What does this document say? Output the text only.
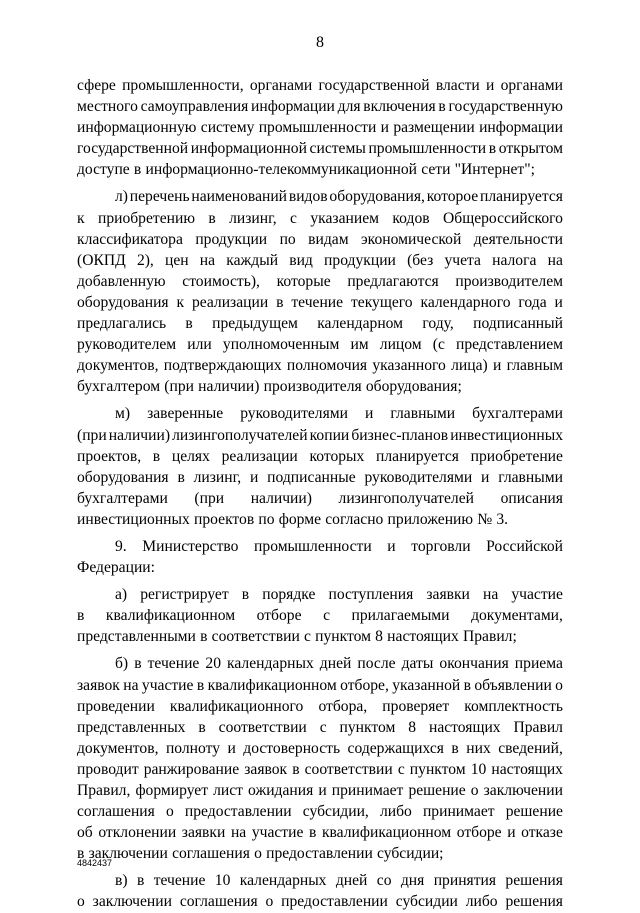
8
сфере промышленности, органами государственной власти и органами
местного самоуправления информации для включения в государственную
информационную систему промышленности и размещении информации
государственной информационной системы промышленности в открытом
доступе в информационно-телекоммуникационной сети "Интернет";
л) перечень наименований видов оборудования, которое планируется
к приобретению в лизинг, с указанием кодов Общероссийского
классификатора продукции по видам экономической деятельности
(ОКПД 2), цен на каждый вид продукции (без учета налога на
добавленную стоимость), которые предлагаются производителем
оборудования к реализации в течение текущего календарного года и
предлагались в предыдущем календарном году, подписанный
руководителем или уполномоченным им лицом (с представлением
документов, подтверждающих полномочия указанного лица) и главным
бухгалтером (при наличии) производителя оборудования;
м) заверенные руководителями и главными бухгалтерами
(при наличии) лизингополучателей копии бизнес-планов инвестиционных
проектов, в целях реализации которых планируется приобретение
оборудования в лизинг, и подписанные руководителями и главными
бухгалтерами (при наличии) лизингополучателей описания
инвестиционных проектов по форме согласно приложению № 3.
9. Министерство промышленности и торговли Российской
Федерации:
а) регистрирует в порядке поступления заявки на участие
в квалификационном отборе с прилагаемыми документами,
представленными в соответствии с пунктом 8 настоящих Правил;
б) в течение 20 календарных дней после даты окончания приема
заявок на участие в квалификационном отборе, указанной в объявлении о
проведении квалификационного отбора, проверяет комплектность
представленных в соответствии с пунктом 8 настоящих Правил
документов, полноту и достоверность содержащихся в них сведений,
проводит ранжирование заявок в соответствии с пунктом 10 настоящих
Правил, формирует лист ожидания и принимает решение о заключении
соглашения о предоставлении субсидии, либо принимает решение
об отклонении заявки на участие в квалификационном отборе и отказе
в заключении соглашения о предоставлении субсидии;
в) в течение 10 календарных дней со дня принятия решения
о заключении соглашения о предоставлении субсидии либо решения
4842437
